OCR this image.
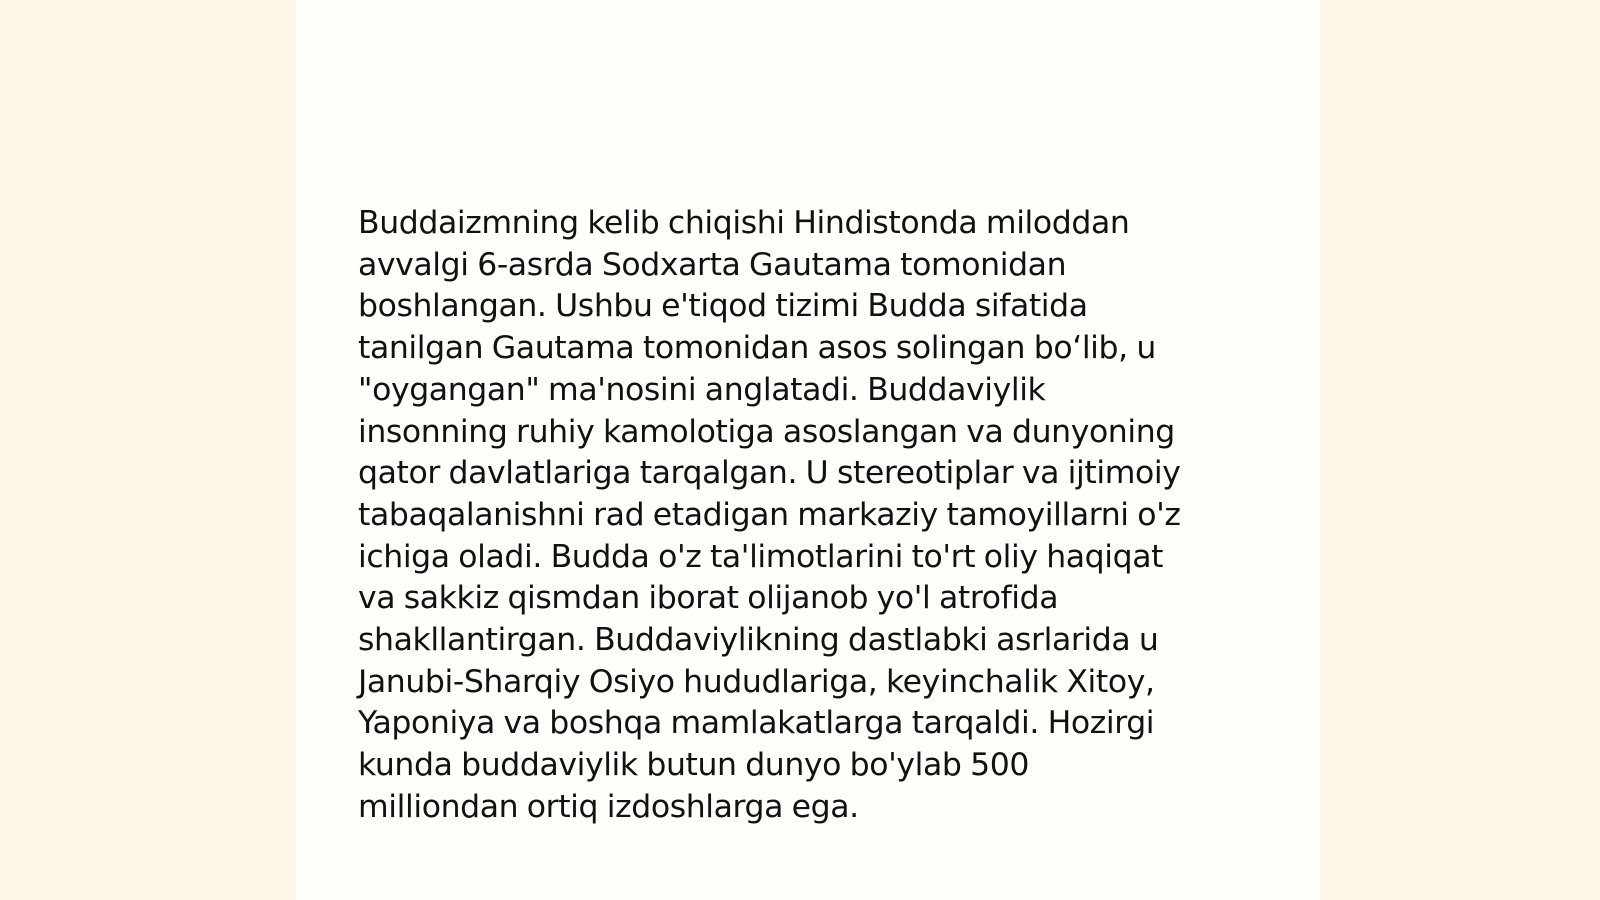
Buddaizmning kelib chiqishi Hindistonda miloddan
avvalgi 6-asrda Sodxarta Gautama tomonidan
boshlangan. Ushbu e'tiqod tizimi Budda sifatida
tanilgan Gautama tomonidan asos solingan bo‘lib, u
"oygangan" ma'nosini anglatadi. Buddaviylik
insonning ruhiy kamolotiga asoslangan va dunyoning
qator davlatlariga tarqalgan. U stereotiplar va ijtimoiy
tabaqalanishni rad etadigan markaziy tamoyillarni o'z
ichiga oladi. Budda o'z ta'limotlarini to'rt oliy haqiqat
va sakkiz qismdan iborat olijanob yo'l atrofida
shakllantirgan. Buddaviylikning dastlabki asrlarida u
Janubi-Sharqiy Osiyo hududlariga, keyinchalik Xitoy,
Yaponiya va boshqa mamlakatlarga tarqaldi. Hozirgi
kunda buddaviylik butun dunyo bo'ylab 500
milliondan ortiq izdoshlarga ega.
